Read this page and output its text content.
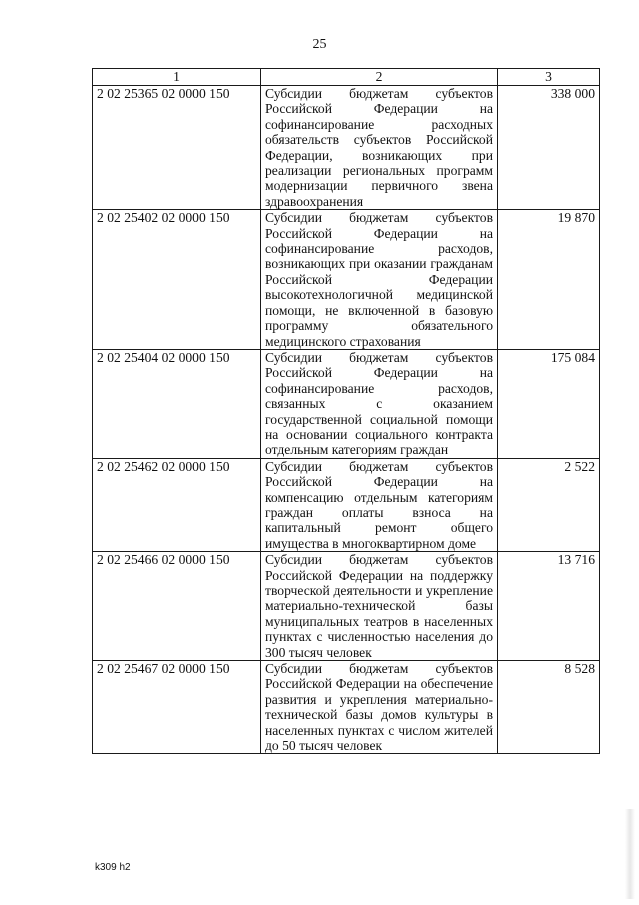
25
1	2	3
2 02 25365 02 0000 150	Субсидии бюджетам субъектов Российской Федерации на софинансирование расходных обязательств субъектов Российской Федерации, возникающих при реализации региональных программ модернизации первичного звена здравоохранения	338 000
2 02 25402 02 0000 150	Субсидии бюджетам субъектов Российской Федерации на софинансирование расходов, возникающих при оказании гражданам Российской Федерации высокотехнологичной медицинской помощи, не включенной в базовую программу обязательного медицинского страхования	19 870
2 02 25404 02 0000 150	Субсидии бюджетам субъектов Российской Федерации на софинансирование расходов, связанных с оказанием государственной социальной помощи на основании социального контракта отдельным категориям граждан	175 084
2 02 25462 02 0000 150	Субсидии бюджетам субъектов Российской Федерации на компенсацию отдельным категориям граждан оплаты взноса на капитальный ремонт общего имущества в многоквартирном доме	2 522
2 02 25466 02 0000 150	Субсидии бюджетам субъектов Российской Федерации на поддержку творческой деятельности и укрепление материально-технической базы муниципальных театров в населенных пунктах с численностью населения до 300 тысяч человек	13 716
2 02 25467 02 0000 150	Субсидии бюджетам субъектов Российской Федерации на обеспечение развития и укрепления материально-технической базы домов культуры в населенных пунктах с числом жителей до 50 тысяч человек	8 528
k309 h2
